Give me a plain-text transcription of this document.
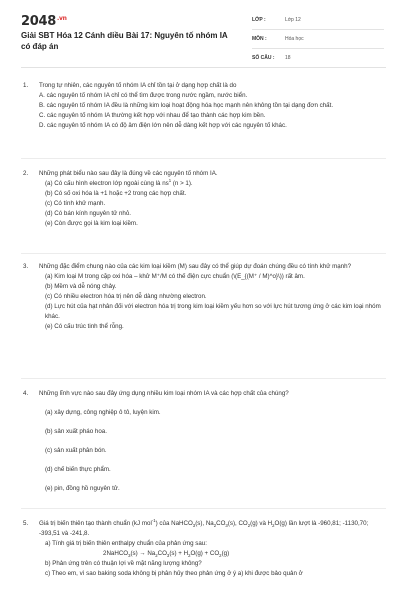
$2048^{.vn}$
Giải SBT Hóa 12 Cánh diều Bài 17: Nguyên tố nhóm IA có đáp án
LỚP :	Lớp 12
MÔN :	Hóa học
SỐ CÂU : 18
1. Trong tự nhiên, các nguyên tố nhóm IA chỉ tồn tại ở dạng hợp chất là do
A. các nguyên tố nhóm IA chỉ có thể tìm được trong nước ngầm, nước biển.
B. các nguyên tố nhóm IA đều là những kim loại hoạt động hóa học mạnh nên không tồn tại dạng đơn chất.
C. các nguyên tố nhóm IA thường kết hợp với nhau để tạo thành các hợp kim bền.
D. các nguyên tố nhóm IA có độ âm điện lớn nên dễ dàng kết hợp với các nguyên tố khác.
2. Những phát biểu nào sau đây là đúng về các nguyên tố nhóm IA.
(a) Có cấu hình electron lớp ngoài cùng là $ns^1$ (n > 1).
(b) Có số oxi hóa là +1 hoặc +2 trong các hợp chất.
(c) Có tính khử mạnh.
(d) Có bán kính nguyên tử nhỏ.
(e) Còn được gọi là kim loại kiềm.
3. Những đặc điểm chung nào của các kim loại kiềm (M) sau đây có thể giúp dự đoán chúng đều có tính khử mạnh?
(a) Kim loại M trong cặp oxi hóa – khử M⁺/M có thế điện cực chuẩn (\(E_{(M⁺ / M)^o}\)) rất âm.
(b) Mềm và dễ nóng chảy.
(c) Có nhiều electron hóa trị nên dễ dàng nhường electron.
(d) Lực hút của hạt nhân đối với electron hóa trị trong kim loại kiềm yếu hơn so với lực hút tương ứng ở các kim loại nhóm khác.
(e) Có cấu trúc tinh thể rỗng.
4. Những lĩnh vực nào sau đây ứng dụng nhiều kim loại nhóm IA và các hợp chất của chúng?
(a) xây dựng, công nghiệp ô tô, luyện kim.
(b) sản xuất pháo hoa.
(c) sản xuất phân bón.
(d) chế biến thực phẩm.
(e) pin, đồng hồ nguyên tử.
5. Giá trị biến thiên tạo thành chuẩn (kJ mol$^{-1}$) của NaHCO$_3$(s), $Na_2CO_3(s)$, $CO_2(g)$ và $H_2O(g)$ lần lượt là -960,81; -1130,70; -393,51 và -241,8.
a) Tính giá trị biến thiên enthalpy chuẩn của phản ứng sau:
2NaHCO$_3$(s) → $Na_2CO_3(s) + H_2O(g) + CO_2(g)$
b) Phản ứng trên có thuận lợi về mặt năng lượng không?
c) Theo em, vì sao baking soda không bị phân hủy theo phản ứng ở ý a) khi được bảo quản ở
